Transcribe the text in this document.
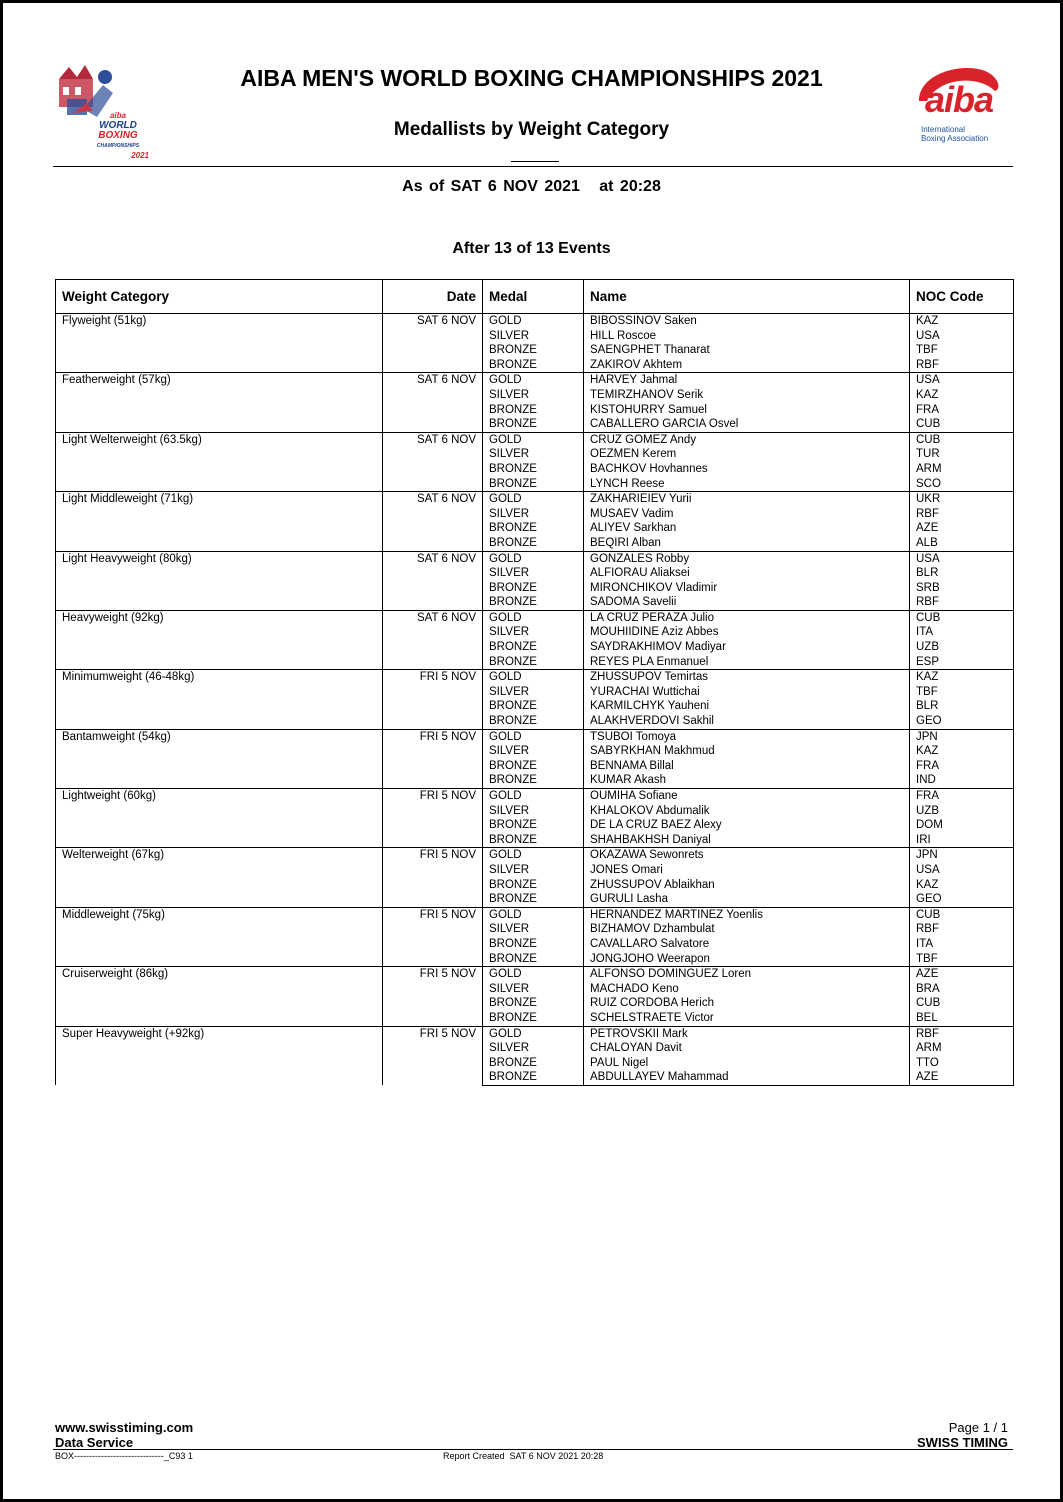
aiba
WORLD
BOXING
CHAMPIONSHIPS
2021
aiba
International
Boxing Association
AIBA MEN'S WORLD BOXING CHAMPIONSHIPS 2021
Medallists by Weight Category
As of SAT 6 NOV 2021   at 20:28
After 13 of 13 Events
Weight Category	Date	Medal	Name	NOC Code
Flyweight (51kg)	SAT 6 NOV	GOLD	BIBOSSINOV Saken	KAZ
		SILVER	HILL Roscoe	USA
		BRONZE	SAENGPHET Thanarat	TBF
		BRONZE	ZAKIROV Akhtem	RBF
Featherweight (57kg)	SAT 6 NOV	GOLD	HARVEY Jahmal	USA
		SILVER	TEMIRZHANOV Serik	KAZ
		BRONZE	KISTOHURRY Samuel	FRA
		BRONZE	CABALLERO GARCIA Osvel	CUB
Light Welterweight (63.5kg)	SAT 6 NOV	GOLD	CRUZ GOMEZ Andy	CUB
		SILVER	OEZMEN Kerem	TUR
		BRONZE	BACHKOV Hovhannes	ARM
		BRONZE	LYNCH Reese	SCO
Light Middleweight (71kg)	SAT 6 NOV	GOLD	ZAKHARIEIEV Yurii	UKR
		SILVER	MUSAEV Vadim	RBF
		BRONZE	ALIYEV Sarkhan	AZE
		BRONZE	BEQIRI Alban	ALB
Light Heavyweight (80kg)	SAT 6 NOV	GOLD	GONZALES Robby	USA
		SILVER	ALFIORAU Aliaksei	BLR
		BRONZE	MIRONCHIKOV Vladimir	SRB
		BRONZE	SADOMA Savelii	RBF
Heavyweight (92kg)	SAT 6 NOV	GOLD	LA CRUZ PERAZA Julio	CUB
		SILVER	MOUHIIDINE Aziz Abbes	ITA
		BRONZE	SAYDRAKHIMOV Madiyar	UZB
		BRONZE	REYES PLA Enmanuel	ESP
Minimumweight (46-48kg)	FRI 5 NOV	GOLD	ZHUSSUPOV Temirtas	KAZ
		SILVER	YURACHAI Wuttichai	TBF
		BRONZE	KARMILCHYK Yauheni	BLR
		BRONZE	ALAKHVERDOVI Sakhil	GEO
Bantamweight (54kg)	FRI 5 NOV	GOLD	TSUBOI Tomoya	JPN
		SILVER	SABYRKHAN Makhmud	KAZ
		BRONZE	BENNAMA Billal	FRA
		BRONZE	KUMAR Akash	IND
Lightweight (60kg)	FRI 5 NOV	GOLD	OUMIHA Sofiane	FRA
		SILVER	KHALOKOV Abdumalik	UZB
		BRONZE	DE LA CRUZ BAEZ Alexy	DOM
		BRONZE	SHAHBAKHSH Daniyal	IRI
Welterweight (67kg)	FRI 5 NOV	GOLD	OKAZAWA Sewonrets	JPN
		SILVER	JONES Omari	USA
		BRONZE	ZHUSSUPOV Ablaikhan	KAZ
		BRONZE	GURULI Lasha	GEO
Middleweight (75kg)	FRI 5 NOV	GOLD	HERNANDEZ MARTINEZ Yoenlis	CUB
		SILVER	BIZHAMOV Dzhambulat	RBF
		BRONZE	CAVALLARO Salvatore	ITA
		BRONZE	JONGJOHO Weerapon	TBF
Cruiserweight (86kg)	FRI 5 NOV	GOLD	ALFONSO DOMINGUEZ Loren	AZE
		SILVER	MACHADO Keno	BRA
		BRONZE	RUIZ CORDOBA Herich	CUB
		BRONZE	SCHELSTRAETE Victor	BEL
Super Heavyweight (+92kg)	FRI 5 NOV	GOLD	PETROVSKII Mark	RBF
		SILVER	CHALOYAN Davit	ARM
		BRONZE	PAUL Nigel	TTO
		BRONZE	ABDULLAYEV Mahammad	AZE
www.swisstiming.com
Data Service
BOX------------------------------_C93 1	Report Created  SAT 6 NOV 2021 20:28
Page 1 / 1
SWISS TIMING
